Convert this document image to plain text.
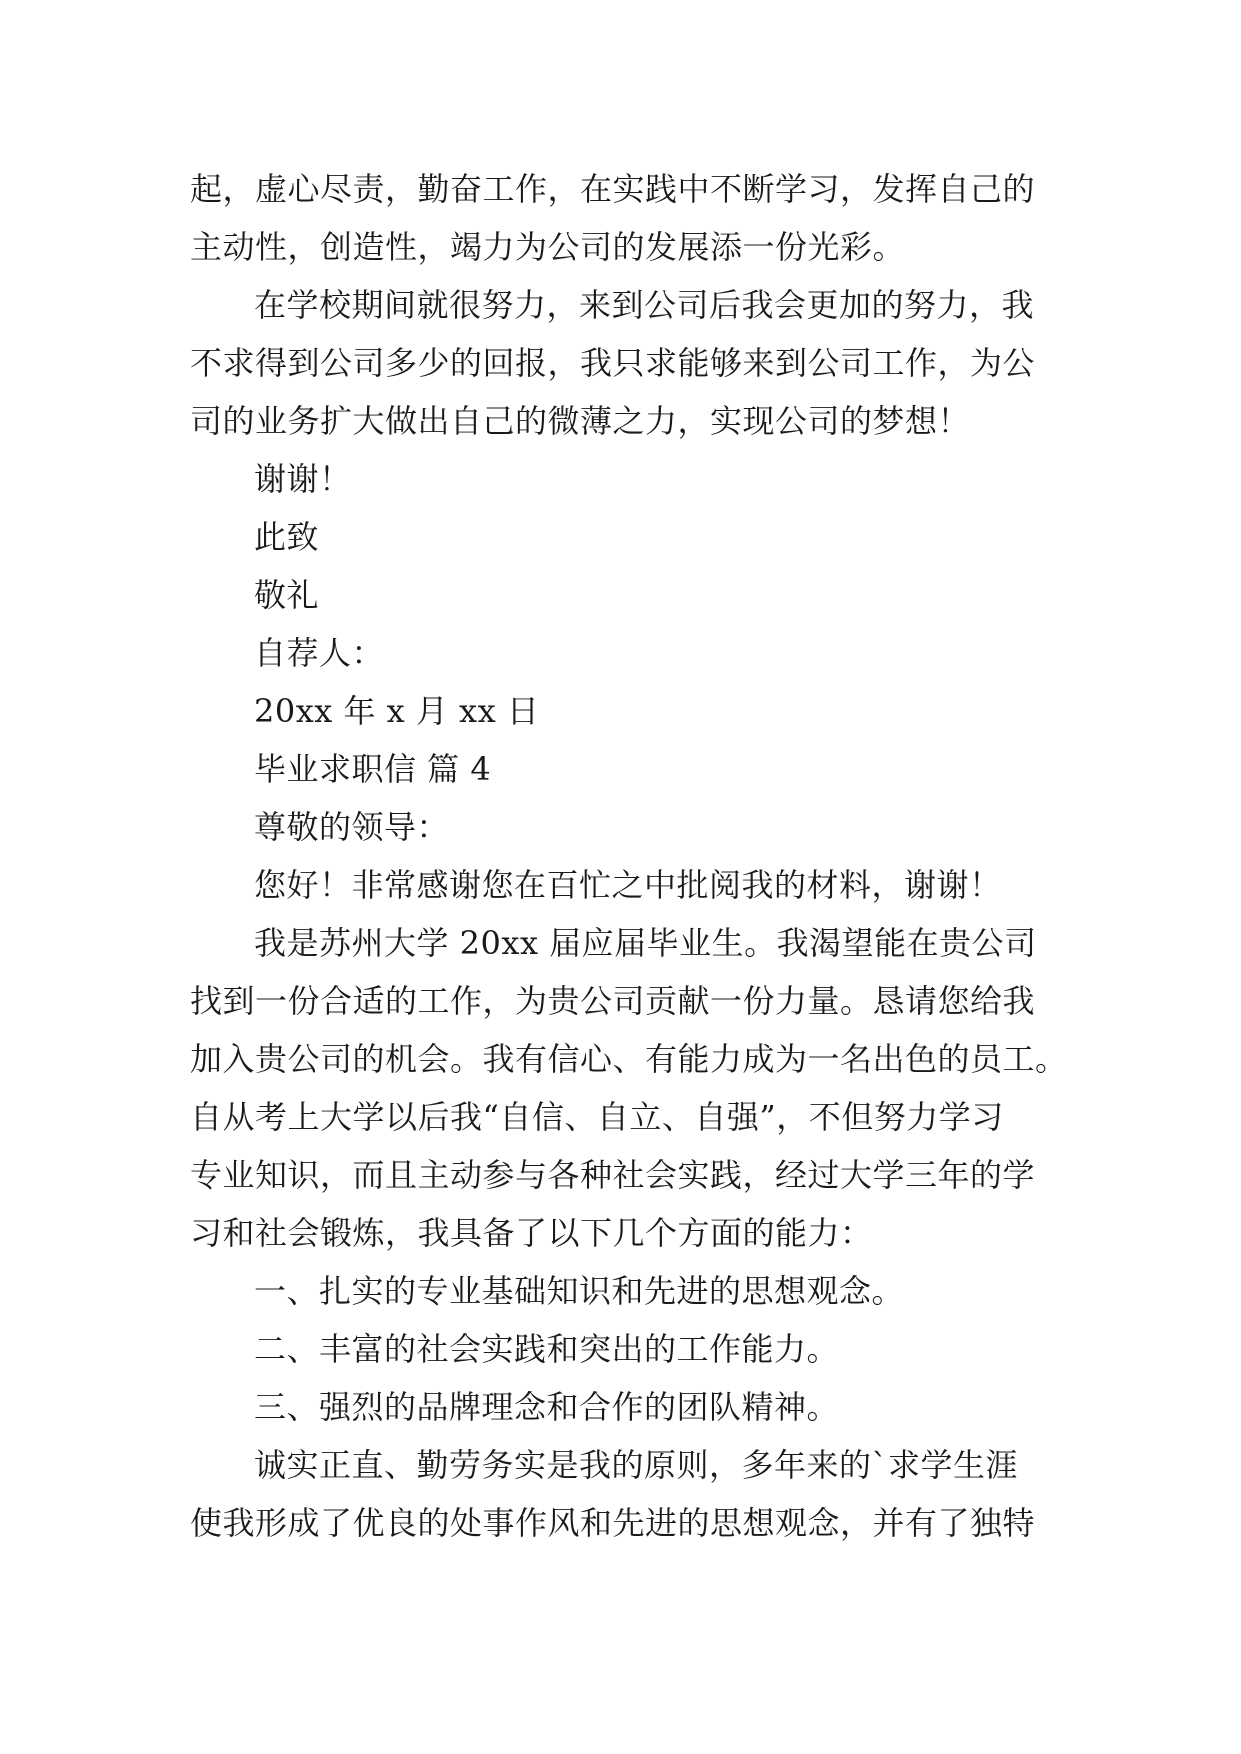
起，虚心尽责，勤奋工作，在实践中不断学习，发挥自己的
主动性，创造性，竭力为公司的发展添一份光彩。
在学校期间就很努力，来到公司后我会更加的努力，我
不求得到公司多少的回报，我只求能够来到公司工作，为公
司的业务扩大做出自己的微薄之力，实现公司的梦想！
谢谢！
此致
敬礼
自荐人：
20xx 年 x 月 xx 日
毕业求职信 篇 4
尊敬的领导：
您好！非常感谢您在百忙之中批阅我的材料，谢谢！
我是苏州大学 20xx 届应届毕业生。我渴望能在贵公司
找到一份合适的工作，为贵公司贡献一份力量。恳请您给我
加入贵公司的机会。我有信心、有能力成为一名出色的员工。
自从考上大学以后我“自信、自立、自强”，不但努力学习
专业知识，而且主动参与各种社会实践，经过大学三年的学
习和社会锻炼，我具备了以下几个方面的能力：
一、扎实的专业基础知识和先进的思想观念。
二、丰富的社会实践和突出的工作能力。
三、强烈的品牌理念和合作的团队精神。
诚实正直、勤劳务实是我的原则，多年来的`求学生涯
使我形成了优良的处事作风和先进的思想观念，并有了独特
